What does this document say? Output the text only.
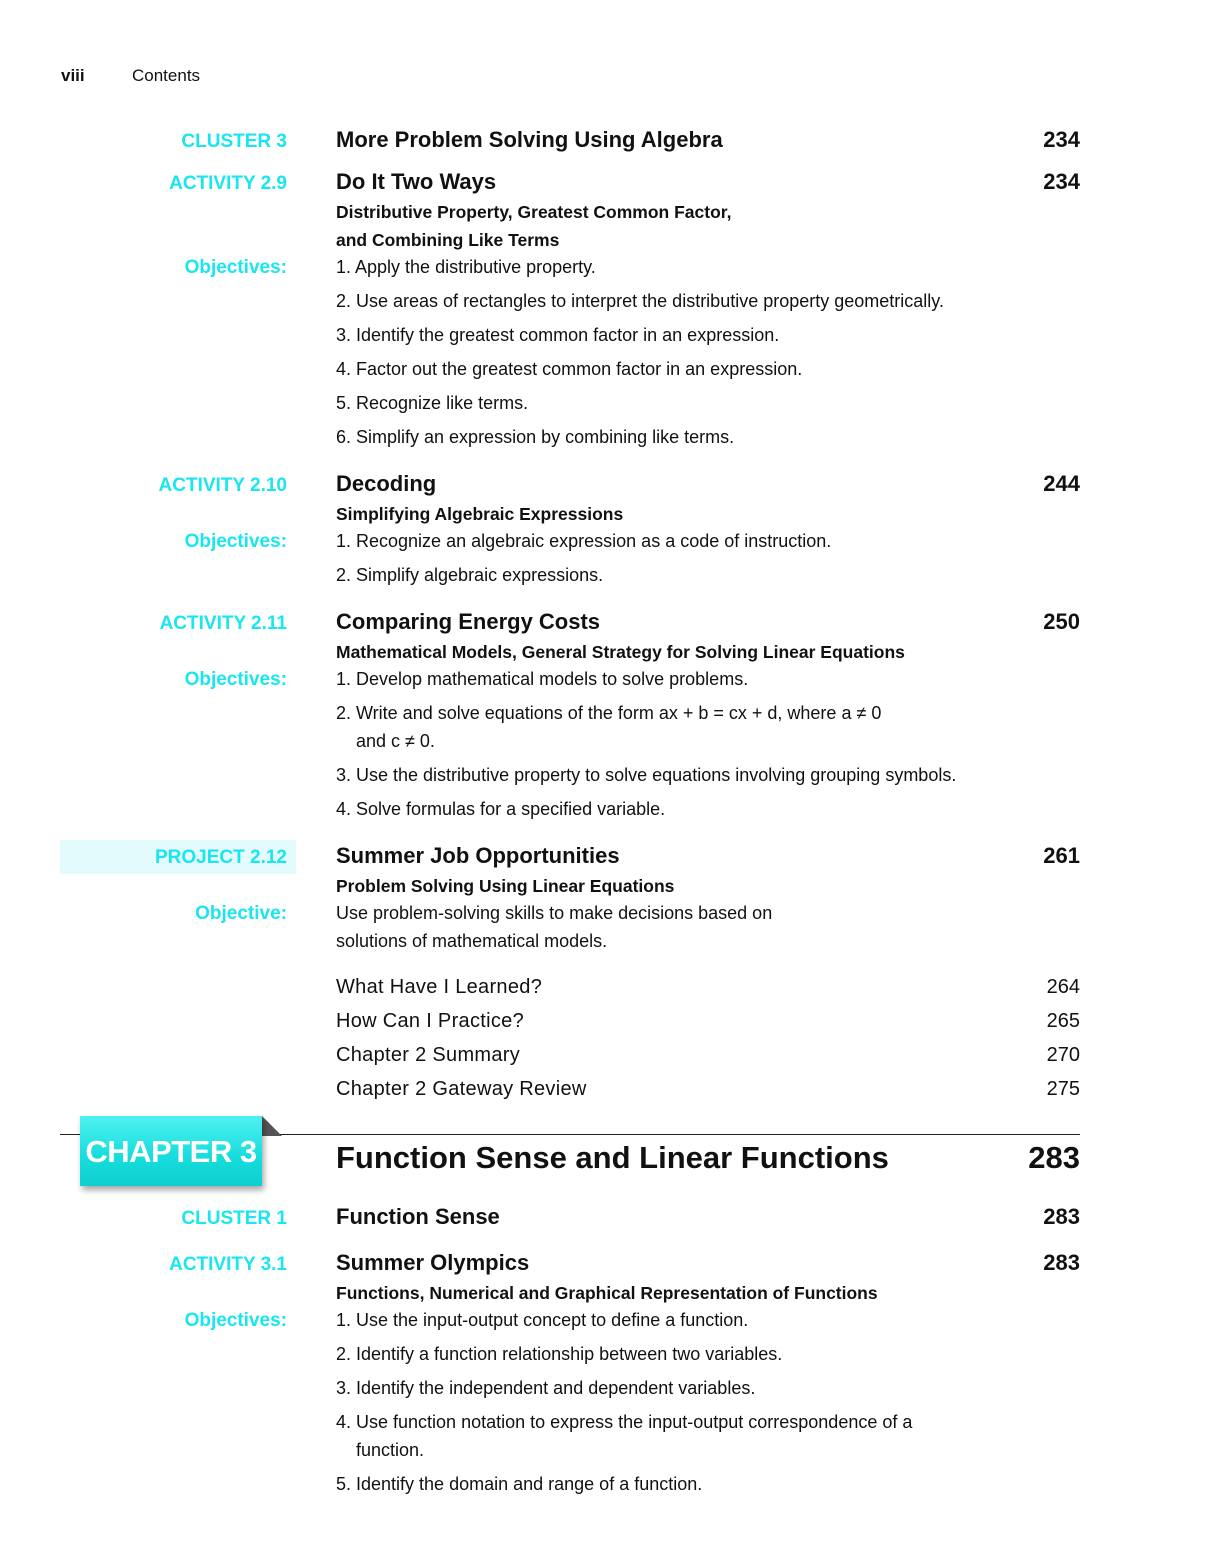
viii	Contents
CLUSTER 3 More Problem Solving Using Algebra	234
ACTIVITY 2.9 Do It Two Ways	234
Distributive Property, Greatest Common Factor,
and Combining Like Terms
Objectives:	1. Apply the distributive property.
2. Use areas of rectangles to interpret the distributive property geometrically.
3. Identify the greatest common factor in an expression.
4. Factor out the greatest common factor in an expression.
5. Recognize like terms.
6. Simplify an expression by combining like terms.
ACTIVITY 2.10 Decoding	244
Simplifying Algebraic Expressions
Objectives:	1. Recognize an algebraic expression as a code of instruction.
2. Simplify algebraic expressions.
ACTIVITY 2.11 Comparing Energy Costs	250
Mathematical Models, General Strategy for Solving Linear Equations
Objectives:	1. Develop mathematical models to solve problems.
2. Write and solve equations of the form ax + b = cx + d, where a ≠ 0
and c ≠ 0.
3. Use the distributive property to solve equations involving grouping symbols.
4. Solve formulas for a specified variable.
PROJECT 2.12 Summer Job Opportunities	261
Problem Solving Using Linear Equations
Objective:	Use problem-solving skills to make decisions based on
solutions of mathematical models.
What Have I Learned?	264
How Can I Practice?	265
Chapter 2 Summary	270
Chapter 2 Gateway Review	275
CHAPTER 3	Function Sense and Linear Functions	283
CLUSTER 1 Function Sense	283
ACTIVITY 3.1 Summer Olympics	283
Functions, Numerical and Graphical Representation of Functions
Objectives:	1. Use the input-output concept to define a function.
2. Identify a function relationship between two variables.
3. Identify the independent and dependent variables.
4. Use function notation to express the input-output correspondence of a
function.
5. Identify the domain and range of a function.
